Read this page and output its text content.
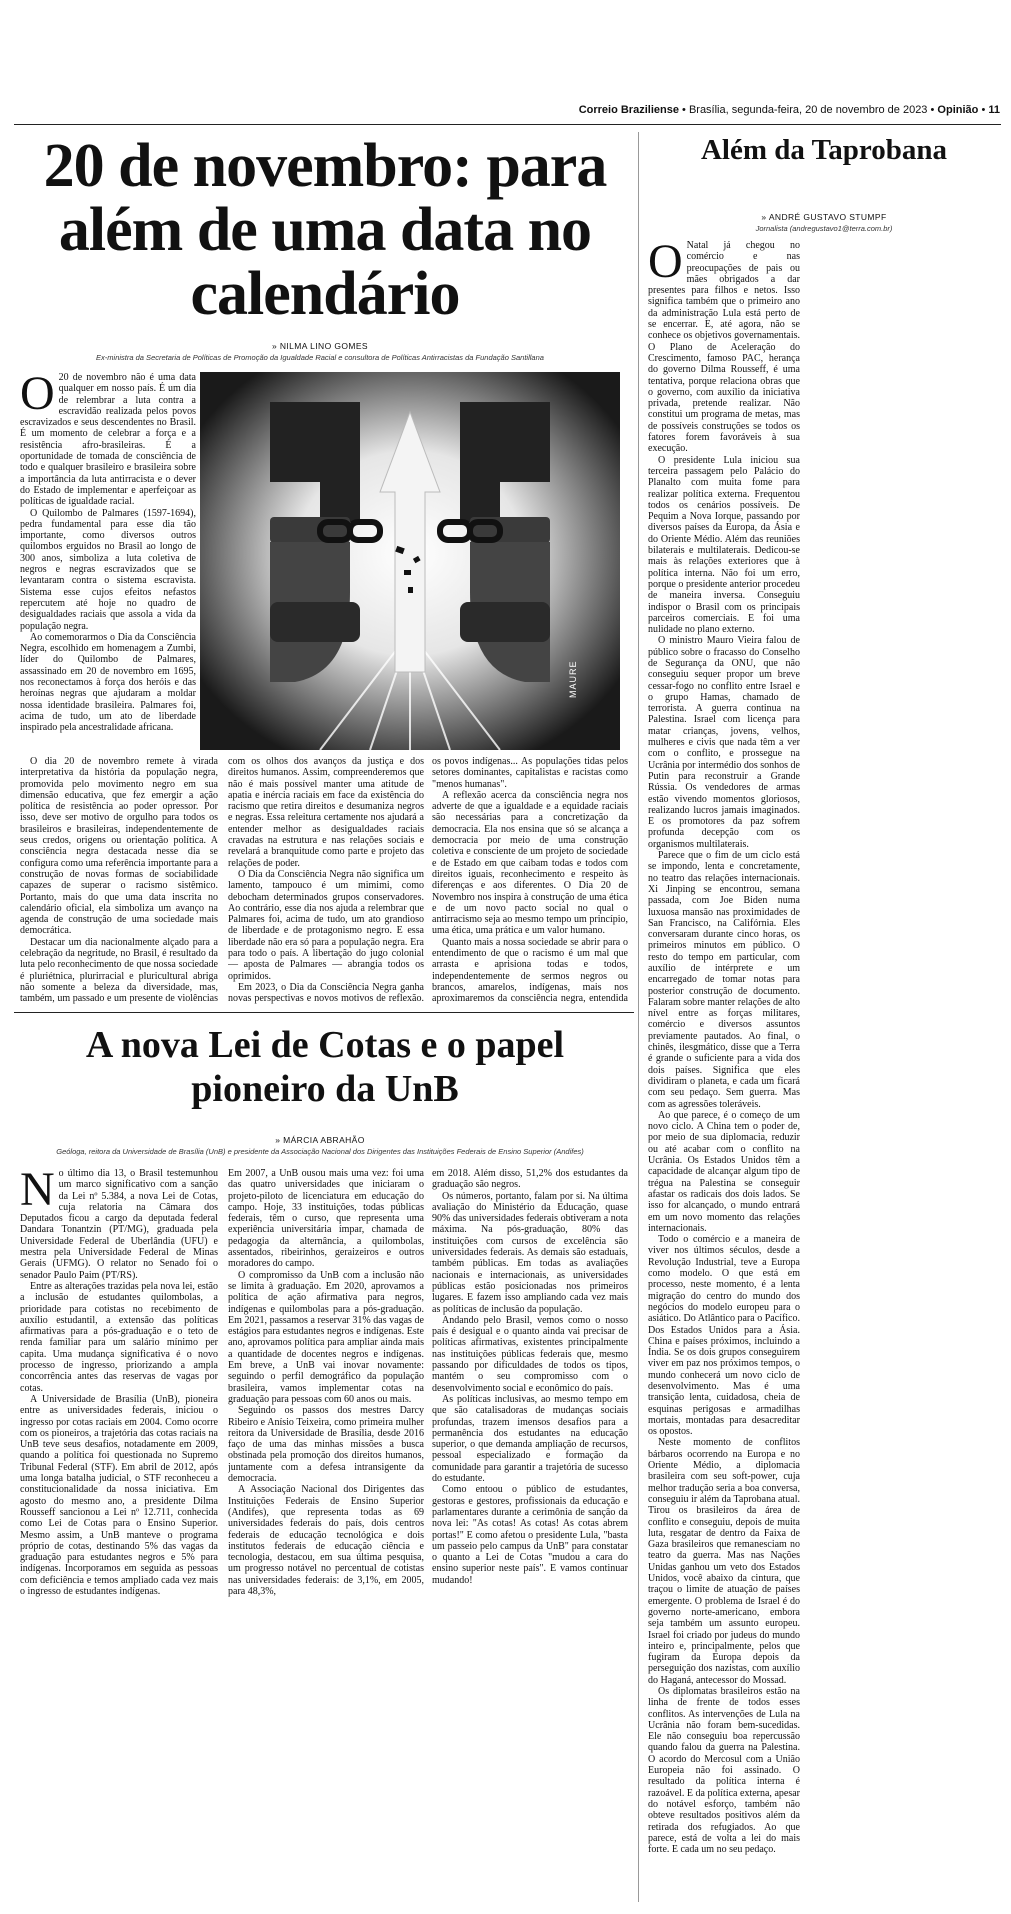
Correio Braziliense • Brasília, segunda-feira, 20 de novembro de 2023 • Opinião • 11
20 de novembro: para além de uma data no calendário
» NILMA LINO GOMES
Ex-ministra da Secretaria de Políticas de Promoção da Igualdade Racial e consultora de Políticas Antirracistas da Fundação Santillana
MAURE
O 20 de novembro não é uma data qualquer em nosso país. É um dia de relembrar a luta contra a escravidão realizada pelos povos escravizados e seus descendentes no Brasil. É um momento de celebrar a força e a resistência afro-brasileiras. É a oportunidade de tomada de consciência de todo e qualquer brasileiro e brasileira sobre a importância da luta antirracista e o dever do Estado de implementar e aperfeiçoar as políticas de igualdade racial.

O Quilombo de Palmares (1597-1694), pedra fundamental para esse dia tão importante, como diversos outros quilombos erguidos no Brasil ao longo de 300 anos, simboliza a luta coletiva de negros e negras escravizados que se levantaram contra o sistema escravista. Sistema esse cujos efeitos nefastos repercutem até hoje no quadro de desigualdades raciais que assola a vida da população negra.

Ao comemorarmos o Dia da Consciência Negra, escolhido em homenagem a Zumbi, líder do Quilombo de Palmares, assassinado em 20 de novembro em 1695, nos reconectamos à força dos heróis e das heroínas negras que ajudaram a moldar nossa identidade brasileira. Palmares foi, acima de tudo, um ato de liberdade inspirado pela ancestralidade africana.

O dia 20 de novembro remete à virada interpretativa da história da população negra, promovida pelo movimento negro em sua dimensão educativa, que fez emergir a ação política de resistência ao poder opressor. Por isso, deve ser motivo de orgulho para todos os brasileiros e brasileiras, independentemente de seus credos, origens ou orientação política. A consciência negra destacada nesse dia se configura como uma referência importante para a construção de novas formas de sociabilidade capazes de superar o racismo sistêmico. Portanto, mais do que uma data inscrita no calendário oficial, ela simboliza um avanço na agenda de construção de uma sociedade mais democrática.

Destacar um dia nacionalmente alçado para a celebração da negritude, no Brasil, é resultado da luta pelo reconhecimento de que nossa sociedade é pluriétnica, plurirracial e pluricultural abriga não somente a beleza da diversidade, mas, também, um passado e um presente de violências

com os olhos dos avanços da justiça e dos direitos humanos. Assim, compreenderemos que não é mais possível manter uma atitude de apatia e inércia raciais em face da existência do racismo que retira direitos e desumaniza negros e negras. Essa releitura certamente nos ajudará a entender melhor as desigualdades raciais cravadas na estrutura e nas relações sociais e revelará a branquitude como parte e projeto das relações de poder.

O Dia da Consciência Negra não significa um lamento, tampouco é um mimimi, como debocham determinados grupos conservadores. Ao contrário, esse dia nos ajuda a relembrar que Palmares foi, acima de tudo, um ato grandioso de liberdade e de protagonismo negro. E essa liberdade não era só para a população negra. Era para todo o país. A libertação do jugo colonial — aposta de Palmares — abrangia todos os oprimidos.

Em 2023, o Dia da Consciência Negra ganha novas perspectivas e novos motivos de reflexão.

os povos indígenas... As populações tidas pelos setores dominantes, capitalistas e racistas como "menos humanas".

A reflexão acerca da consciência negra nos adverte de que a igualdade e a equidade raciais são necessárias para a concretização da democracia. Ela nos ensina que só se alcança a democracia por meio de uma construção coletiva e consciente de um projeto de sociedade e de Estado em que caibam todas e todos com direitos iguais, reconhecimento e respeito às diferenças e aos diferentes. O Dia 20 de Novembro nos inspira à construção de uma ética e de um novo pacto social no qual o antirracismo seja ao mesmo tempo um princípio, uma ética, uma prática e um valor humano.

Quanto mais a nossa sociedade se abrir para o entendimento de que o racismo é um mal que arrasta e aprisiona todas e todos, independentemente de sermos negros ou brancos, amarelos, indígenas, mais nos aproximaremos da consciência negra, entendida

A nova Lei de Cotas e o papel pioneiro da UnB
» MÁRCIA ABRAHÃO
Geóloga, reitora da Universidade de Brasília (UnB) e presidente da Associação Nacional dos Dirigentes das Instituições Federais de Ensino Superior (Andifes)
N o último dia 13, o Brasil testemunhou um marco significativo com a sanção da Lei nº 5.384, a nova Lei de Cotas, cuja relatoria na Câmara dos Deputados ficou a cargo da deputada federal Dandara Tonantzin (PT/MG), graduada pela Universidade Federal de Uberlândia (UFU) e mestra pela Universidade Federal de Minas Gerais (UFMG). O relator no Senado foi o senador Paulo Paim (PT/RS).

Entre as alterações trazidas pela nova lei, estão a inclusão de estudantes quilombolas, a prioridade para cotistas no recebimento de auxílio estudantil, a extensão das políticas afirmativas para a pós-graduação e o teto de renda familiar para um salário mínimo per capita. Uma mudança significativa é o novo processo de ingresso, priorizando a ampla concorrência antes das reservas de vagas por cotas.

A Universidade de Brasília (UnB), pioneira entre as universidades federais, iniciou o ingresso por cotas raciais em 2004. Como ocorre com os pioneiros, a trajetória das cotas raciais na UnB teve seus desafios, notadamente em 2009, quando a política foi questionada no Supremo Tribunal Federal (STF). Em abril de 2012, após uma longa batalha judicial, o STF reconheceu a constitucionalidade da nossa iniciativa. Em agosto do mesmo ano, a presidente Dilma Rousseff sancionou a Lei nº 12.711, conhecida como Lei de Cotas para o Ensino Superior. Mesmo assim, a UnB manteve o programa próprio de cotas, destinando 5% das vagas da graduação para estudantes negros e 5% para indígenas. Incorporamos em seguida as pessoas com deficiência e temos ampliado cada vez mais o ingresso de estudantes indígenas.

Em 2007, a UnB ousou mais uma vez: foi uma das quatro universidades que iniciaram o projeto-piloto de licenciatura em educação do campo. Hoje, 33 instituições, todas públicas federais, têm o curso, que representa uma experiência universitária ímpar, chamada de pedagogia da alternância, a quilombolas, assentados, ribeirinhos, geraizeiros e outros moradores do campo.

O compromisso da UnB com a inclusão não se limita à graduação. Em 2020, aprovamos a política de ação afirmativa para negros, indígenas e quilombolas para a pós-graduação. Em 2021, passamos a reservar 31% das vagas de estágios para estudantes negros e indígenas. Este ano, aprovamos política para ampliar ainda mais a quantidade de docentes negros e indígenas. Em breve, a UnB vai inovar novamente: seguindo o perfil demográfico da população brasileira, vamos implementar cotas na graduação para pessoas com 60 anos ou mais.

Seguindo os passos dos mestres Darcy Ribeiro e Anísio Teixeira, como primeira mulher reitora da Universidade de Brasília, desde 2016 faço de uma das minhas missões a busca obstinada pela promoção dos direitos humanos, juntamente com a defesa intransigente da democracia.

A Associação Nacional dos Dirigentes das Instituições Federais de Ensino Superior (Andifes), que representa todas as 69 universidades federais do país, dois centros federais de educação tecnológica e dois institutos federais de educação ciência e tecnologia, destacou, em sua última pesquisa, um progresso notável no percentual de cotistas nas universidades federais: de 3,1%, em 2005, para 48,3%,

em 2018. Além disso, 51,2% dos estudantes da graduação são negros.

Os números, portanto, falam por si. Na última avaliação do Ministério da Educação, quase 90% das universidades federais obtiveram a nota máxima. Na pós-graduação, 80% das instituições com cursos de excelência são universidades federais. As demais são estaduais, também públicas. Em todas as avaliações nacionais e internacionais, as universidades públicas estão posicionadas nos primeiros lugares. E fazem isso ampliando cada vez mais as políticas de inclusão da população.

Andando pelo Brasil, vemos como o nosso país é desigual e o quanto ainda vai precisar de políticas afirmativas, existentes principalmente nas instituições públicas federais que, mesmo passando por dificuldades de todos os tipos, mantém o seu compromisso com o desenvolvimento social e econômico do país.

As políticas inclusivas, ao mesmo tempo em que são catalisadoras de mudanças sociais profundas, trazem imensos desafios para a permanência dos estudantes na educação superior, o que demanda ampliação de recursos, pessoal especializado e formação da comunidade para garantir a trajetória de sucesso do estudante.

Como entoou o público de estudantes, gestoras e gestores, profissionais da educação e parlamentares durante a cerimônia de sanção da nova lei: "As cotas! As cotas! As cotas abrem portas!" E como afetou o presidente Lula, "basta um passeio pelo campus da UnB" para constatar o quanto a Lei de Cotas "mudou a cara do ensino superior neste país". E vamos continuar mudando!

Além da Taprobana
» ANDRÉ GUSTAVO STUMPF
Jornalista (andregustavo1@terra.com.br)
O Natal já chegou no comércio e nas preocupações de pais ou mães obrigados a dar presentes para filhos e netos. Isso significa também que o primeiro ano da administração Lula está perto de se encerrar. E, até agora, não se conhece os objetivos governamentais. O Plano de Aceleração do Crescimento, famoso PAC, herança do governo Dilma Rousseff, é uma tentativa, porque relaciona obras que o governo, com auxílio da iniciativa privada, pretende realizar. Não constitui um programa de metas, mas de possíveis construções se todos os fatores forem favoráveis à sua execução.

O presidente Lula iniciou sua terceira passagem pelo Palácio do Planalto com muita fome para realizar política externa. Frequentou todos os cenários possíveis. De Pequim a Nova Iorque, passando por diversos países da Europa, da Ásia e do Oriente Médio. Além das reuniões bilaterais e multilaterais. Dedicou-se mais às relações exteriores que à política interna. Não foi um erro, porque o presidente anterior procedeu de maneira inversa. Conseguiu indispor o Brasil com os principais parceiros comerciais. E foi uma nulidade no plano externo.

O ministro Mauro Vieira falou de público sobre o fracasso do Conselho de Segurança da ONU, que não conseguiu sequer propor um breve cessar-fogo no conflito entre Israel e o grupo Hamas, chamado de terrorista. A guerra continua na Palestina. Israel com licença para matar crianças, jovens, velhos, mulheres e civis que nada têm a ver com o conflito, e prossegue na Ucrânia por intermédio dos sonhos de Putin para reconstruir a Grande Rússia. Os vendedores de armas estão vivendo momentos gloriosos, realizando lucros jamais imaginados. E os promotores da paz sofrem profunda decepção com os organismos multilaterais.

Parece que o fim de um ciclo está se impondo, lenta e concretamente, no teatro das relações internacionais. Xi Jinping se encontrou, semana passada, com Joe Biden numa luxuosa mansão nas proximidades de San Francisco, na Califórnia. Eles conversaram durante cinco horas, os primeiros minutos em público. O resto do tempo em particular, com auxílio de intérprete e um encarregado de tomar notas para posterior construção de documento. Falaram sobre manter relações de alto nível entre as forças militares, comércio e diversos assuntos previamente pautados. Ao final, o chinês, ilesgmático, disse que a Terra é grande o suficiente para a vida dos dois países. Significa que eles dividiram o planeta, e cada um ficará com seu pedaço. Sem guerra. Mas com as agressões toleráveis.

Ao que parece, é o começo de um novo ciclo. A China tem o poder de, por meio de sua diplomacia, reduzir ou até acabar com o conflito na Ucrânia. Os Estados Unidos têm a capacidade de alcançar algum tipo de trégua na Palestina se conseguir afastar os radicais dos dois lados. Se isso for alcançado, o mundo entrará em um novo momento das relações internacionais.

Todo o comércio e a maneira de viver nos últimos séculos, desde a Revolução Industrial, teve a Europa como modelo. O que está em processo, neste momento, é a lenta migração do centro do mundo dos negócios do modelo europeu para o asiático. Do Atlântico para o Pacífico. Dos Estados Unidos para a Ásia. China e países próximos, incluindo a Índia. Se os dois grupos conseguirem viver em paz nos próximos tempos, o mundo conhecerá um novo ciclo de desenvolvimento. Mas é uma transição lenta, cuidadosa, cheia de esquinas perigosas e armadilhas mortais, montadas para desacreditar os opostos.

Neste momento de conflitos bárbaros ocorrendo na Europa e no Oriente Médio, a diplomacia brasileira com seu soft-power, cuja melhor tradução seria a boa conversa, conseguiu ir além da Taprobana atual. Tirou os brasileiros da área de conflito e conseguiu, depois de muita luta, resgatar de dentro da Faixa de Gaza brasileiros que remanesciam no teatro da guerra. Mas nas Nações Unidas ganhou um veto dos Estados Unidos, você abaixo da cintura, que traçou o limite de atuação de países emergente. O problema de Israel é do governo norte-americano, embora seja também um assunto europeu. Israel foi criado por judeus do mundo inteiro e, principalmente, pelos que fugiram da Europa depois da perseguição dos nazistas, com auxílio do Haganá, antecessor do Mossad.

Os diplomatas brasileiros estão na linha de frente de todos esses conflitos. As intervenções de Lula na Ucrânia não foram bem-sucedidas. Ele não conseguiu boa repercussão quando falou da guerra na Palestina. O acordo do Mercosul com a União Europeia não foi assinado. O resultado da política interna é razoável. E da política externa, apesar do notável esforço, também não obteve resultados positivos além da retirada dos refugiados. Ao que parece, está de volta a lei do mais forte. E cada um no seu pedaço.
